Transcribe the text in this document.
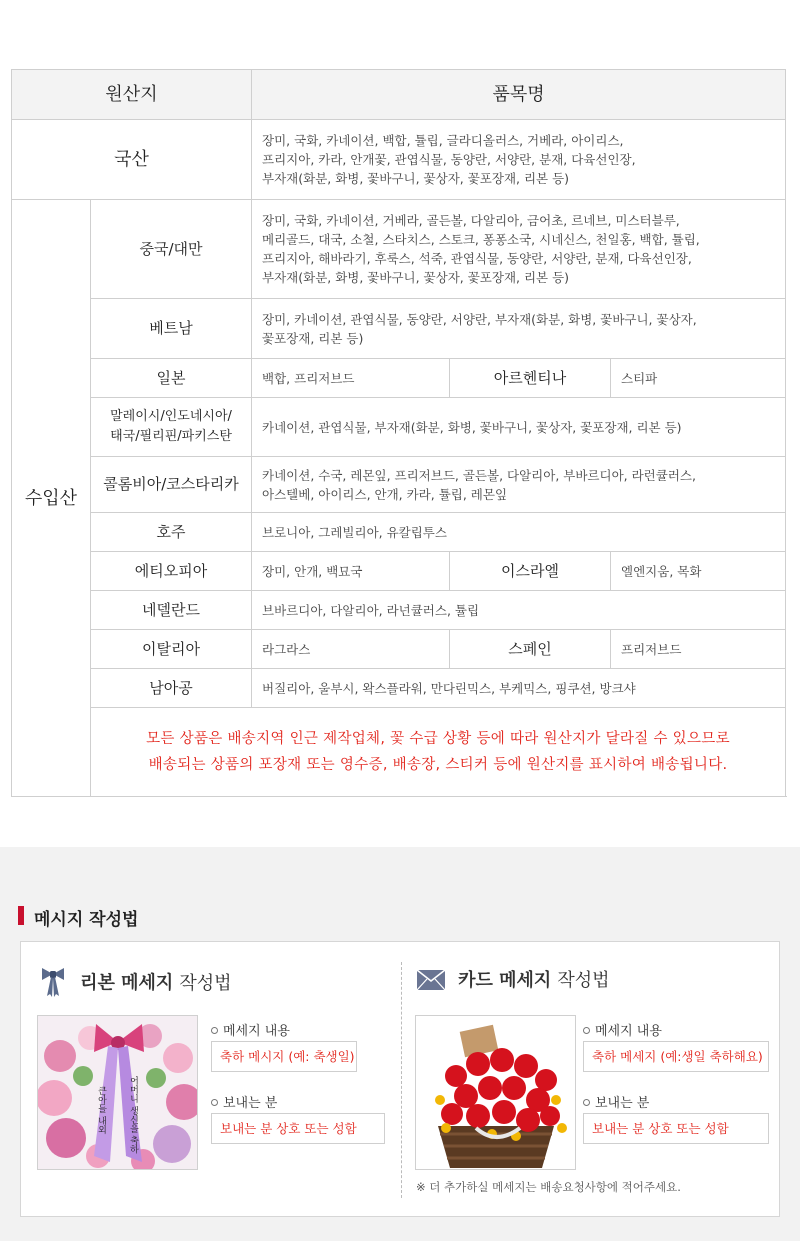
원산지		품목명		
국산		장미, 국화, 카네이션, 백합, 튤립, 글라디올러스, 거베라, 아이리스,
프리지아, 카라, 안개꽃, 관엽식물, 동양란, 서양란, 분재, 다육선인장,
부자재(화분, 화병, 꽃바구니, 꽃상자, 꽃포장재, 리본 등)		

수입산	중국/대만	장미, 국화, 카네이션, 거베라, 골든볼, 다알리아, 금어초, 르네브, 미스터블루,
메리골드, 대국, 소철, 스타치스, 스토크, 퐁퐁소국, 시네신스, 천일홍, 백합, 튤립,
프리지아, 해바라기, 후룩스, 석죽, 관엽식물, 동양란, 서양란, 분재, 다육선인장,
부자재(화분, 화병, 꽃바구니, 꽃상자, 꽃포장재, 리본 등)		

	베트남	장미, 카네이션, 관엽식물, 동양란, 서양란, 부자재(화분, 화병, 꽃바구니, 꽃상자,
꽃포장재, 리본 등)		

	일본	백합, 프리저브드	아르헨티나	스티파

	말레이시/인도네시아/
태국/필리핀/파키스탄	카네이션, 관엽식물, 부자재(화분, 화병, 꽃바구니, 꽃상자, 꽃포장재, 리본 등)		
	콜롬비아/코스타리카	카네이션, 수국, 레몬잎, 프리저브드, 골든볼, 다알리아, 부바르디아, 라런큘러스,
아스텔베, 아이리스, 안개, 카라, 튤립, 레몬잎		

	호주	브로니아, 그레빌리아, 유칼립투스		
	에티오피아	장미, 안개, 백묘국	이스라엘	엘엔지움, 목화
	네델란드	브바르디아, 다알리아, 라넌큘러스, 튤립		
	이탈리아	라그라스	스페인	프리저브드
	남아공	버질리아, 울부시, 왁스플라워, 만다린믹스, 부케믹스, 핑쿠션, 방크샤		

	모든 상품은 배송지역 인근 제작업체, 꽃 수급 상황 등에 따라 원산지가 달라질 수 있으므로
배송되는 상품의 포장재 또는 영수증, 배송장, 스티커 등에 원산지를 표시하여 배송됩니다.			
메시지 작성법
리본 메세지 작성법
큰아들 내외 어머니 생신을 축하
메세지 내용
축하 메시지 (예: 축생일)
보내는 분
보내는 분 상호 또는 성함
카드 메세지 작성법
메세지 내용
축하 메세지 (예:생일 축하해요)
보내는 분
보내는 분 상호 또는 성함
※ 더 추가하실 메세지는 배송요청사항에 적어주세요.
